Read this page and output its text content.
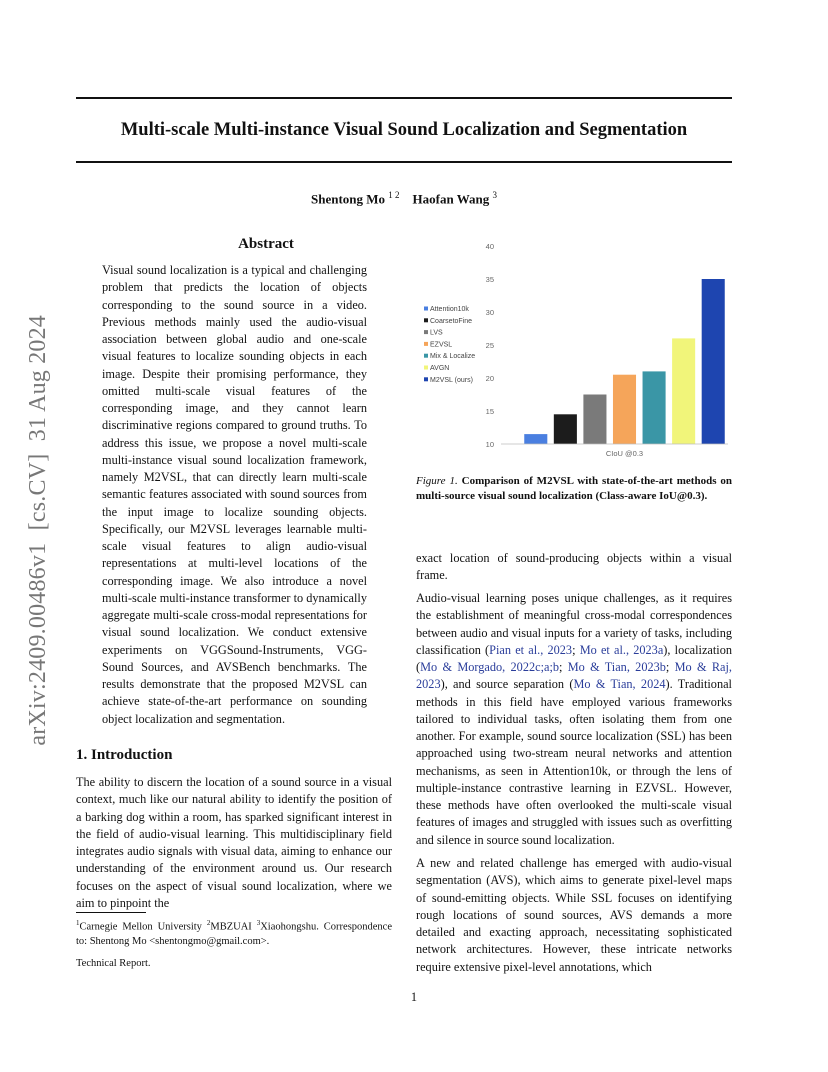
Multi-scale Multi-instance Visual Sound Localization and Segmentation
Shentong Mo $^{1 2}$ Haofan Wang $^3$
arXiv:2409.00486v1  [cs.CV]  31 Aug 2024
Abstract
Visual sound localization is a typical and challenging problem that predicts the location of objects corresponding to the sound source in a video. Previous methods mainly used the audio-visual association between global audio and one-scale visual features to localize sounding objects in each image. Despite their promising performance, they omitted multi-scale visual features of the corresponding image, and they cannot learn discriminative regions compared to ground truths. To address this issue, we propose a novel multi-scale multi-instance visual sound localization framework, namely M2VSL, that can directly learn multi-scale semantic features associated with sound sources from the input image to localize sounding objects. Specifically, our M2VSL leverages learnable multi-scale visual features to align audio-visual representations at multi-level locations of the corresponding image. We also introduce a novel multi-scale multi-instance transformer to dynamically aggregate multi-scale cross-modal representations for visual sound localization. We conduct extensive experiments on VGGSound-Instruments, VGG-Sound Sources, and AVSBench benchmarks. The results demonstrate that the proposed M2VSL can achieve state-of-the-art performance on sounding object localization and segmentation.
1. Introduction
The ability to discern the location of a sound source in a visual context, much like our natural ability to identify the position of a barking dog within a room, has sparked significant interest in the field of audio-visual learning. This multidisciplinary field integrates audio signals with visual data, aiming to enhance our understanding of the environment around us. Our research focuses on the aspect of visual sound localization, where we aim to pinpoint the
$^1$Carnegie Mellon University $^2$MBZUAI $^3$Xiaohongshu. Correspondence to: Shentong Mo <shentongmo@gmail.com>.
Technical Report.
10
15
20
25
30
35
40
CIoU @0.3
Attention10k
CoarsetoFine
LVS
EZVSL
Mix & Localize
AVGN
M2VSL (ours)
Figure 1. Comparison of M2VSL with state-of-the-art methods on multi-source visual sound localization (Class-aware IoU@0.3).
exact location of sound-producing objects within a visual frame.
Audio-visual learning poses unique challenges, as it requires the establishment of meaningful cross-modal correspondences between audio and visual inputs for a variety of tasks, including classification (Pian et al., 2023; Mo et al., 2023a), localization (Mo & Morgado, 2022c;a;b; Mo & Tian, 2023b; Mo & Raj, 2023), and source separation (Mo & Tian, 2024). Traditional methods in this field have employed various frameworks tailored to individual tasks, often isolating them from one another. For example, sound source localization (SSL) has been approached using two-stream neural networks and attention mechanisms, as seen in Attention10k, or through the lens of multiple-instance contrastive learning in EZVSL. However, these methods have often overlooked the multi-scale visual features of images and struggled with issues such as overfitting and silence in source sound localization.
A new and related challenge has emerged with audio-visual segmentation (AVS), which aims to generate pixel-level maps of sound-emitting objects. While SSL focuses on identifying rough locations of sound sources, AVS demands a more detailed and exacting approach, necessitating sophisticated network architectures. However, these intricate networks require extensive pixel-level annotations, which
1
